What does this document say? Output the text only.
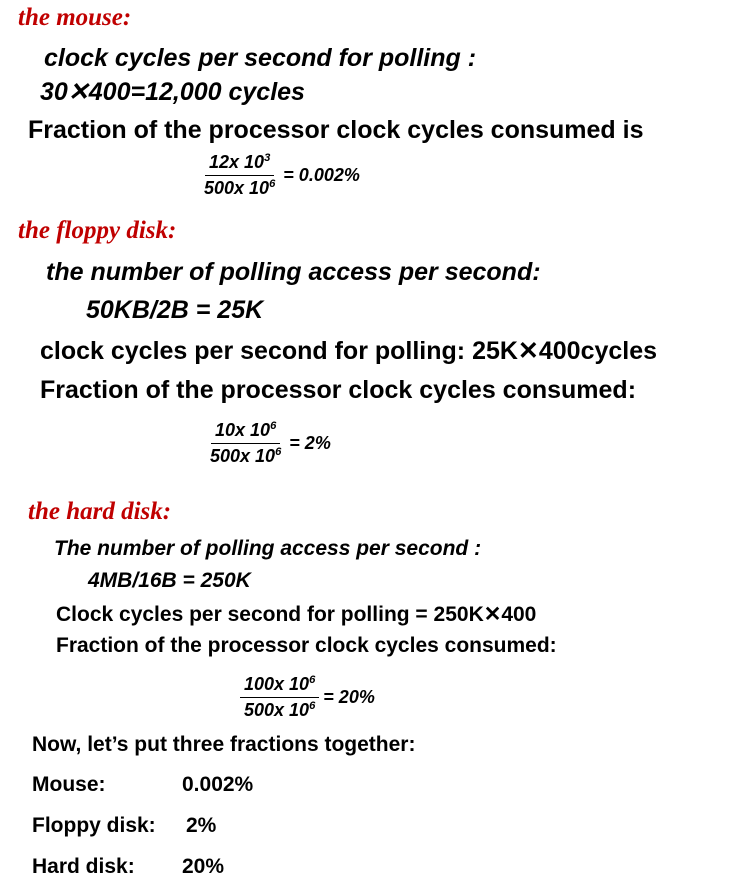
the mouse:
clock cycles per second for polling :
30✕400=12,000 cycles
Fraction of the processor clock cycles consumed is
$\frac{12x 10^3}{500x 10^6} = 0.002\%$
the floppy disk:
the number of polling access per second:
50KB/2B = 25K
clock cycles per second for polling: 25K✕400cycles
Fraction of the processor clock cycles consumed:
$\frac{10x 10^6}{500x 10^6} = 2\%$
the hard disk:
The number of polling access per second :
4MB/16B = 250K
Clock cycles per second for polling = 250K✕400
Fraction of the processor clock cycles consumed:
$\frac{100x 10^6}{500x 10^6} = 20\%$
Now, let’s put three fractions together:
Mouse:	0.002%
Floppy disk: 2%
Hard disk: 20%
